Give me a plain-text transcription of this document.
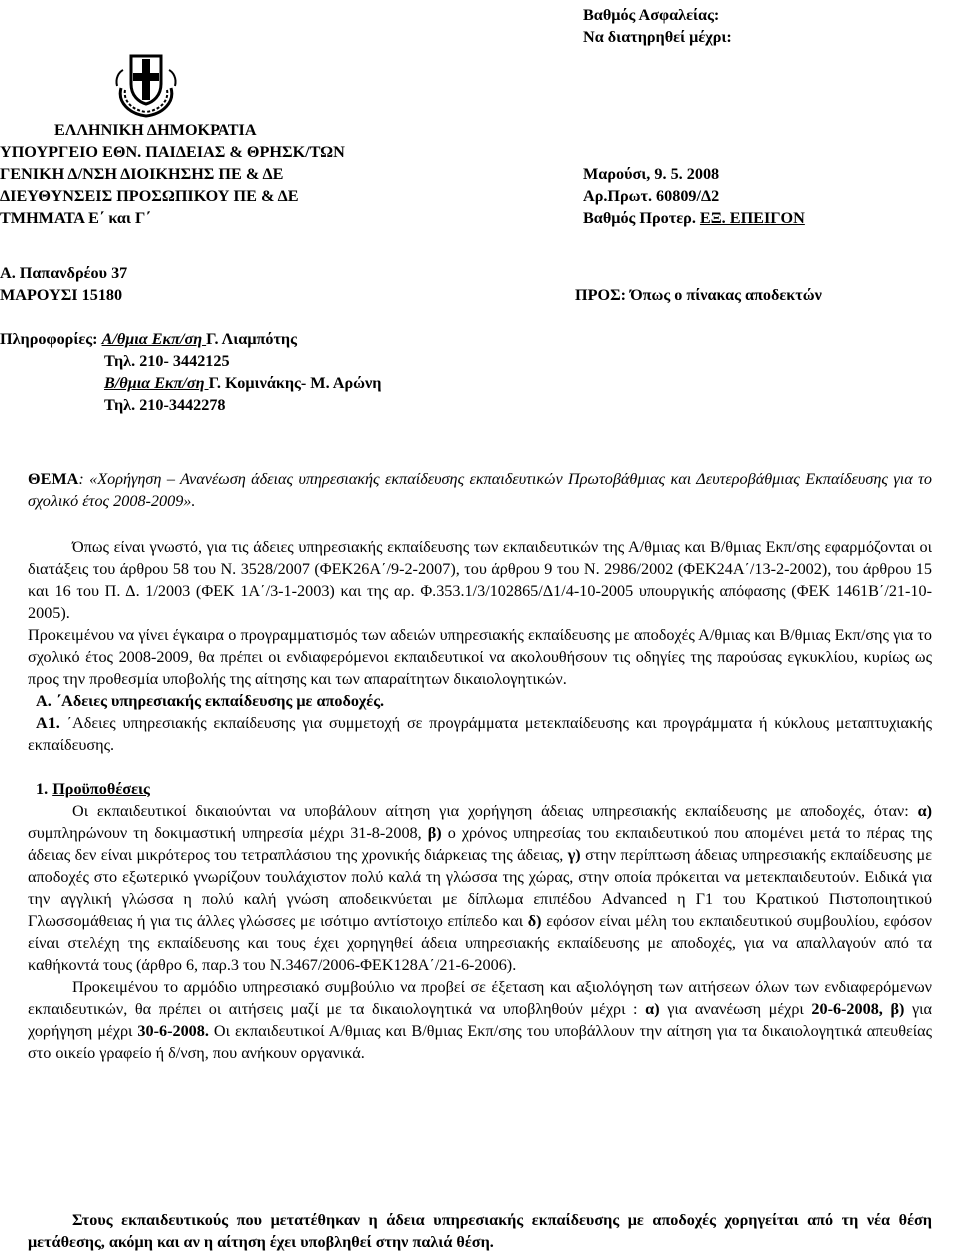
Βαθμός Ασφαλείας:
Να διατηρηθεί μέχρι:
ΕΛΛΗΝΙΚΗ ΔΗΜΟΚΡΑΤΙΑ
ΥΠΟΥΡΓΕΙΟ ΕΘΝ. ΠΑΙΔΕΙΑΣ & ΘΡΗΣΚ/ΤΩΝ
ΓΕΝΙΚΗ Δ/ΝΣΗ ΔΙΟΙΚΗΣΗΣ ΠΕ & ΔΕ
ΔΙΕΥΘΥΝΣΕΙΣ ΠΡΟΣΩΠΙΚΟΥ ΠΕ & ΔΕ
ΤΜΗΜΑΤΑ Ε΄ και Γ΄
Μαρούσι, 9. 5. 2008
Αρ.Πρωτ. 60809/Δ2
Βαθμός Προτερ. ΕΞ. ΕΠΕΙΓΟΝ
Α. Παπανδρέου 37
ΜΑΡΟΥΣΙ 15180	ΠΡΟΣ: Όπως ο πίνακας αποδεκτών
Πληροφορίες: Α/θμια Εκπ/ση Γ. Λιαμπότης
Τηλ. 210- 3442125
Β/θμια Εκπ/ση Γ. Κομινάκης- Μ. Αρώνη
Τηλ. 210-3442278

ΘΕΜΑ: «Χορήγηση – Ανανέωση άδειας υπηρεσιακής εκπαίδευσης εκπαιδευτικών Πρωτοβάθμιας και Δευτεροβάθμιας Εκπαίδευσης για το σχολικό έτος 2008-2009».

Όπως είναι γνωστό, για τις άδειες υπηρεσιακής εκπαίδευσης των εκπαιδευτικών της Α/θμιας και Β/θμιας Εκπ/σης εφαρμόζονται οι διατάξεις του άρθρου 58 του Ν. 3528/2007 (ΦΕΚ26Α΄/9-2-2007), του άρθρου 9 του Ν. 2986/2002 (ΦΕΚ24Α΄/13-2-2002), του άρθρου 15 και 16 του Π. Δ. 1/2003 (ΦΕΚ 1Α΄/3-1-2003) και της αρ. Φ.353.1/3/102865/Δ1/4-10-2005 υπουργικής απόφασης (ΦΕΚ 1461Β΄/21-10-2005).

Προκειμένου να γίνει έγκαιρα ο προγραμματισμός των αδειών υπηρεσιακής εκπαίδευσης με αποδοχές Α/θμιας και Β/θμιας Εκπ/σης για το σχολικό έτος 2008-2009, θα πρέπει οι ενδιαφερόμενοι εκπαιδευτικοί να ακολουθήσουν τις οδηγίες της παρούσας εγκυκλίου, κυρίως ως προς την προθεσμία υποβολής της αίτησης και των απαραίτητων δικαιολογητικών.

Α. ΄Αδειες υπηρεσιακής εκπαίδευσης με αποδοχές.

Α1. ΄Αδειες υπηρεσιακής εκπαίδευσης για συμμετοχή σε προγράμματα μετεκπαίδευσης και προγράμματα ή κύκλους μεταπτυχιακής εκπαίδευσης.

1. Προϋποθέσεις

Οι εκπαιδευτικοί δικαιούνται να υποβάλουν αίτηση για χορήγηση άδειας υπηρεσιακής εκπαίδευσης με αποδοχές, όταν: α) συμπληρώνουν τη δοκιμαστική υπηρεσία μέχρι 31-8-2008, β) ο χρόνος υπηρεσίας του εκπαιδευτικού που απομένει μετά το πέρας της άδειας δεν είναι μικρότερος του τετραπλάσιου της χρονικής διάρκειας της άδειας, γ) στην περίπτωση άδειας υπηρεσιακής εκπαίδευσης με αποδοχές στο εξωτερικό γνωρίζουν τουλάχιστον πολύ καλά τη γλώσσα της χώρας, στην οποία πρόκειται να μετεκπαιδευτούν. Ειδικά για την αγγλική γλώσσα η πολύ καλή γνώση αποδεικνύεται με δίπλωμα επιπέδου Advanced η Γ1 του Κρατικού Πιστοποιητικού Γλωσσομάθειας ή για τις άλλες γλώσσες με ισότιμο αντίστοιχο επίπεδο και δ) εφόσον είναι μέλη του εκπαιδευτικού συμβουλίου, εφόσον είναι στελέχη της εκπαίδευσης και τους έχει χορηγηθεί άδεια υπηρεσιακής εκπαίδευσης με αποδοχές, για να απαλλαγούν από τα καθήκοντά τους (άρθρο 6, παρ.3 του Ν.3467/2006-ΦΕΚ128Α΄/21-6-2006).

Προκειμένου το αρμόδιο υπηρεσιακό συμβούλιο να προβεί σε έξεταση και αξιολόγηση των αιτήσεων όλων των ενδιαφερόμενων εκπαιδευτικών, θα πρέπει οι αιτήσεις μαζί με τα δικαιολογητικά να υποβληθούν μέχρι : α) για ανανέωση μέχρι 20-6-2008, β) για χορήγηση μέχρι 30-6-2008. Οι εκπαιδευτικοί Α/θμιας και Β/θμιας Εκπ/σης του υποβάλλουν την αίτηση για τα δικαιολογητικά απευθείας στο οικείο γραφείο ή δ/νση, που ανήκουν οργανικά.

Στους εκπαιδευτικούς που μετατέθηκαν η άδεια υπηρεσιακής εκπαίδευσης με αποδοχές χορηγείται από τη νέα θέση μετάθεσης, ακόμη και αν η αίτηση έχει υποβληθεί στην παλιά θέση.
